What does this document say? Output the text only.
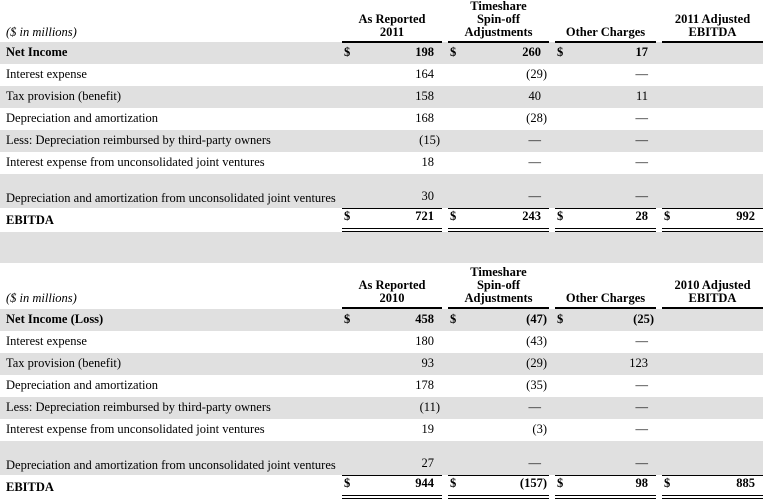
($ in millions)
As Reported
2011
Timeshare
Spin-off
Adjustments	Other Charges
2011 Adjusted
EBITDA
Net Income	$	198	$	260	$	17
Interest expense	164	(29)	—
Tax provision (benefit)	158	40	11
Depreciation and amortization	168	(28)	—
Less: Depreciation reimbursed by third-party owners	(15)	—	—
Interest expense from unconsolidated joint ventures	18	—	—
Depreciation and amortization from unconsolidated joint ventures	30	—	—
EBITDA	$	721	$	243	$	28	$	992
($ in millions)
As Reported
2010
Timeshare
Spin-off
Adjustments	Other Charges
2010 Adjusted
EBITDA
Net Income (Loss)	$	458	$	(47) $	(25)
Interest expense	180	(43)	—
Tax provision (benefit)	93	(29)	123
Depreciation and amortization	178	(35)	—
Less: Depreciation reimbursed by third-party owners	(11)	—	—
Interest expense from unconsolidated joint ventures	19	(3)	—
Depreciation and amortization from unconsolidated joint ventures	27	—	—
EBITDA	$	944	$	(157) $	98	$	885
